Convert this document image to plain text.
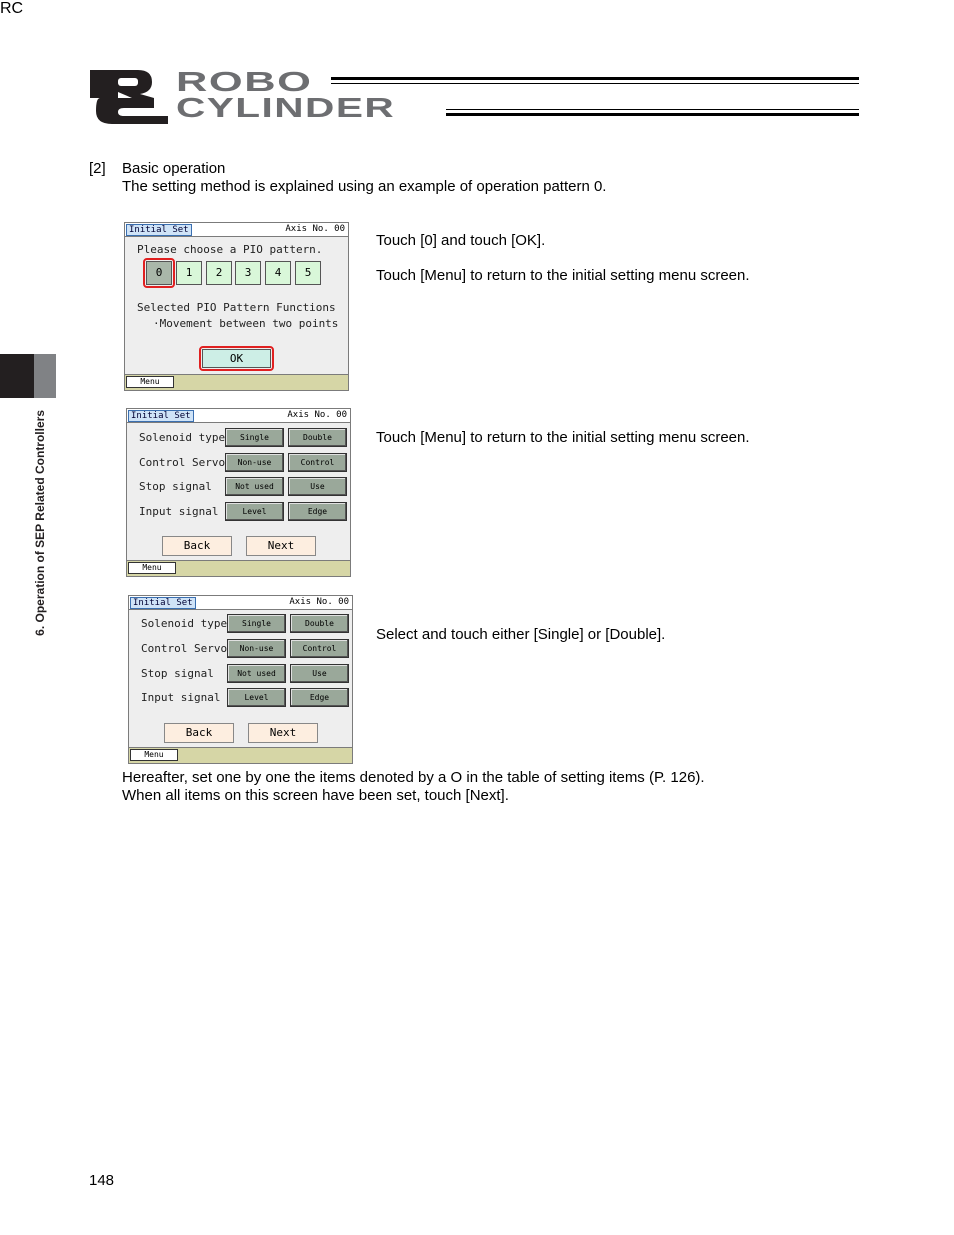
RC
ROBO
CYLINDER
6. Operation of SEP Related Controllers
[2] Basic operation
The setting method is explained using an example of operation pattern 0.
Initial Set	Axis No. 00
Please choose a PIO pattern.
0	1	2	3	4	5
Selected PIO Pattern Functions
·Movement between two points
OK
Menu
Initial Set	Axis No. 00
Solenoid type	Single	Double
Control Servo	Non-use	Control
Stop signal	Not used	Use
Input signal	Level	Edge
Back	Next
Menu
Initial Set	Axis No. 00
Solenoid type	Single	Double
Control Servo	Non-use	Control
Stop signal	Not used	Use
Input signal	Level	Edge
Back	Next
Menu
Touch [0] and touch [OK].
Touch [Menu] to return to the initial setting menu screen.
Touch [Menu] to return to the initial setting menu screen.
Select and touch either [Single] or [Double].
Hereafter, set one by one the items denoted by a O in the table of setting items (P. 126).
When all items on this screen have been set, touch [Next].
148
